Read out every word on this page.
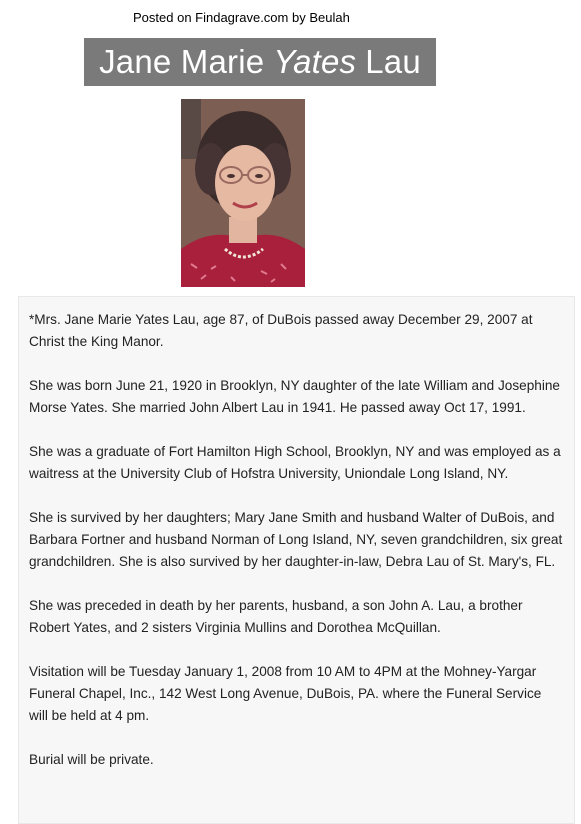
Posted on Findagrave.com by Beulah
Jane Marie Yates Lau

*Mrs. Jane Marie Yates Lau, age 87, of DuBois passed away December 29, 2007 at Christ the King Manor.

She was born June 21, 1920 in Brooklyn, NY daughter of the late William and Josephine Morse Yates. She married John Albert Lau in 1941. He passed away Oct 17, 1991.

She was a graduate of Fort Hamilton High School, Brooklyn, NY and was employed as a waitress at the University Club of Hofstra University, Uniondale Long Island, NY.

She is survived by her daughters; Mary Jane Smith and husband Walter of DuBois, and Barbara Fortner and husband Norman of Long Island, NY, seven grandchildren, six great grandchildren. She is also survived by her daughter-in-law, Debra Lau of St. Mary's, FL.

She was preceded in death by her parents, husband, a son John A. Lau, a brother Robert Yates, and 2 sisters Virginia Mullins and Dorothea McQuillan.

Visitation will be Tuesday January 1, 2008 from 10 AM to 4PM at the Mohney-Yargar Funeral Chapel, Inc., 142 West Long Avenue, DuBois, PA. where the Funeral Service will be held at 4 pm.

Burial will be private.
